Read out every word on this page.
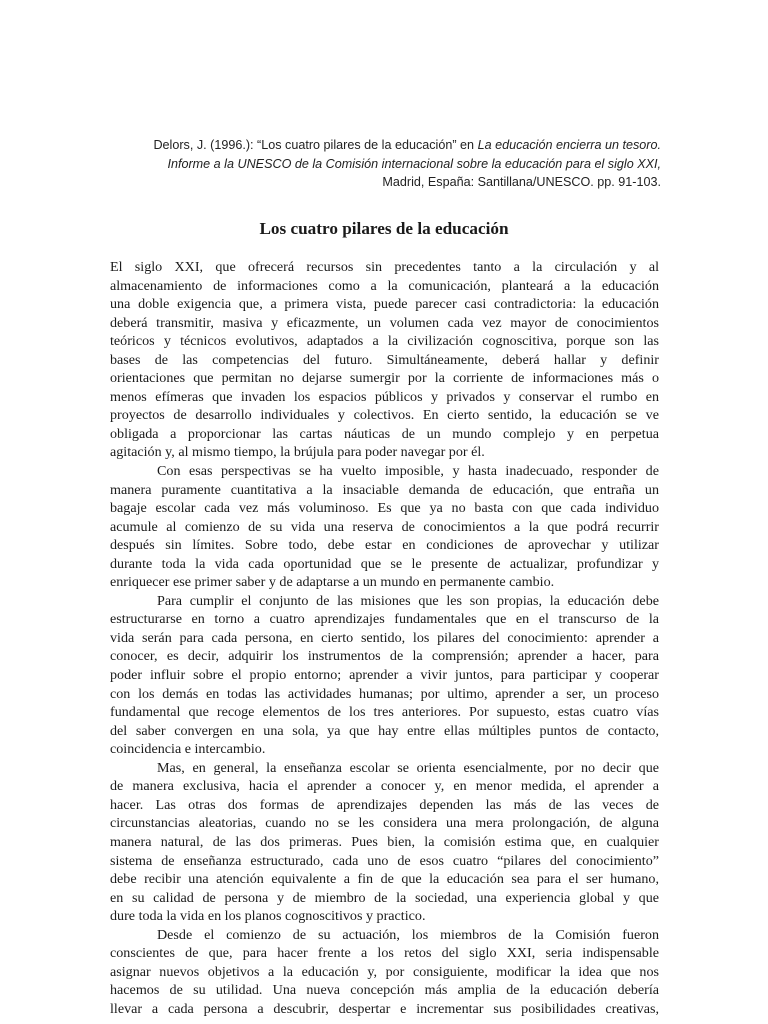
Delors, J. (1996.): “Los cuatro pilares de la educación” en La educación encierra un tesoro.
Informe a la UNESCO de la Comisión internacional sobre la educación para el siglo XXI,
Madrid, España: Santillana/UNESCO. pp. 91-103.
Los cuatro pilares de la educación

El siglo XXI, que ofrecerá recursos sin precedentes tanto a la circulación y al
almacenamiento de informaciones como a la comunicación, planteará a la educación
una doble exigencia que, a primera vista, puede parecer casi contradictoria: la educación
deberá transmitir, masiva y eficazmente, un volumen cada vez mayor de conocimientos
teóricos y técnicos evolutivos, adaptados a la civilización cognoscitiva, porque son las
bases de las competencias del futuro. Simultáneamente, deberá hallar y definir
orientaciones que permitan no dejarse sumergir por la corriente de informaciones más o
menos efímeras que invaden los espacios públicos y privados y conservar el rumbo en
proyectos de desarrollo individuales y colectivos. En cierto sentido, la educación se ve
obligada a proporcionar las cartas náuticas de un mundo complejo y en perpetua
agitación y, al mismo tiempo, la brújula para poder navegar por él.

Con esas perspectivas se ha vuelto imposible, y hasta inadecuado, responder de
manera puramente cuantitativa a la insaciable demanda de educación, que entraña un
bagaje escolar cada vez más voluminoso. Es que ya no basta con que cada individuo
acumule al comienzo de su vida una reserva de conocimientos a la que podrá recurrir
después sin límites. Sobre todo, debe estar en condiciones de aprovechar y utilizar
durante toda la vida cada oportunidad que se le presente de actualizar, profundizar y
enriquecer ese primer saber y de adaptarse a un mundo en permanente cambio.

Para cumplir el conjunto de las misiones que les son propias, la educación debe
estructurarse en torno a cuatro aprendizajes fundamentales que en el transcurso de la
vida serán para cada persona, en cierto sentido, los pilares del conocimiento: aprender a
conocer, es decir, adquirir los instrumentos de la comprensión; aprender a hacer, para
poder influir sobre el propio entorno; aprender a vivir juntos, para participar y cooperar
con los demás en todas las actividades humanas; por ultimo, aprender a ser, un proceso
fundamental que recoge elementos de los tres anteriores. Por supuesto, estas cuatro vías
del saber convergen en una sola, ya que hay entre ellas múltiples puntos de contacto,
coincidencia e intercambio.

Mas, en general, la enseñanza escolar se orienta esencialmente, por no decir que
de manera exclusiva, hacia el aprender a conocer y, en menor medida, el aprender a
hacer. Las otras dos formas de aprendizajes dependen las más de las veces de
circunstancias aleatorias, cuando no se les considera una mera prolongación, de alguna
manera natural, de las dos primeras. Pues bien, la comisión estima que, en cualquier
sistema de enseñanza estructurado, cada uno de esos cuatro “pilares del conocimiento”
debe recibir una atención equivalente a fin de que la educación sea para el ser humano,
en su calidad de persona y de miembro de la sociedad, una experiencia global y que
dure toda la vida en los planos cognoscitivos y practico.

Desde el comienzo de su actuación, los miembros de la Comisión fueron
conscientes de que, para hacer frente a los retos del siglo XXI, seria indispensable
asignar nuevos objetivos a la educación y, por consiguiente, modificar la idea que nos
hacemos de su utilidad. Una nueva concepción más amplia de la educación debería
llevar a cada persona a descubrir, despertar e incrementar sus posibilidades creativas,
